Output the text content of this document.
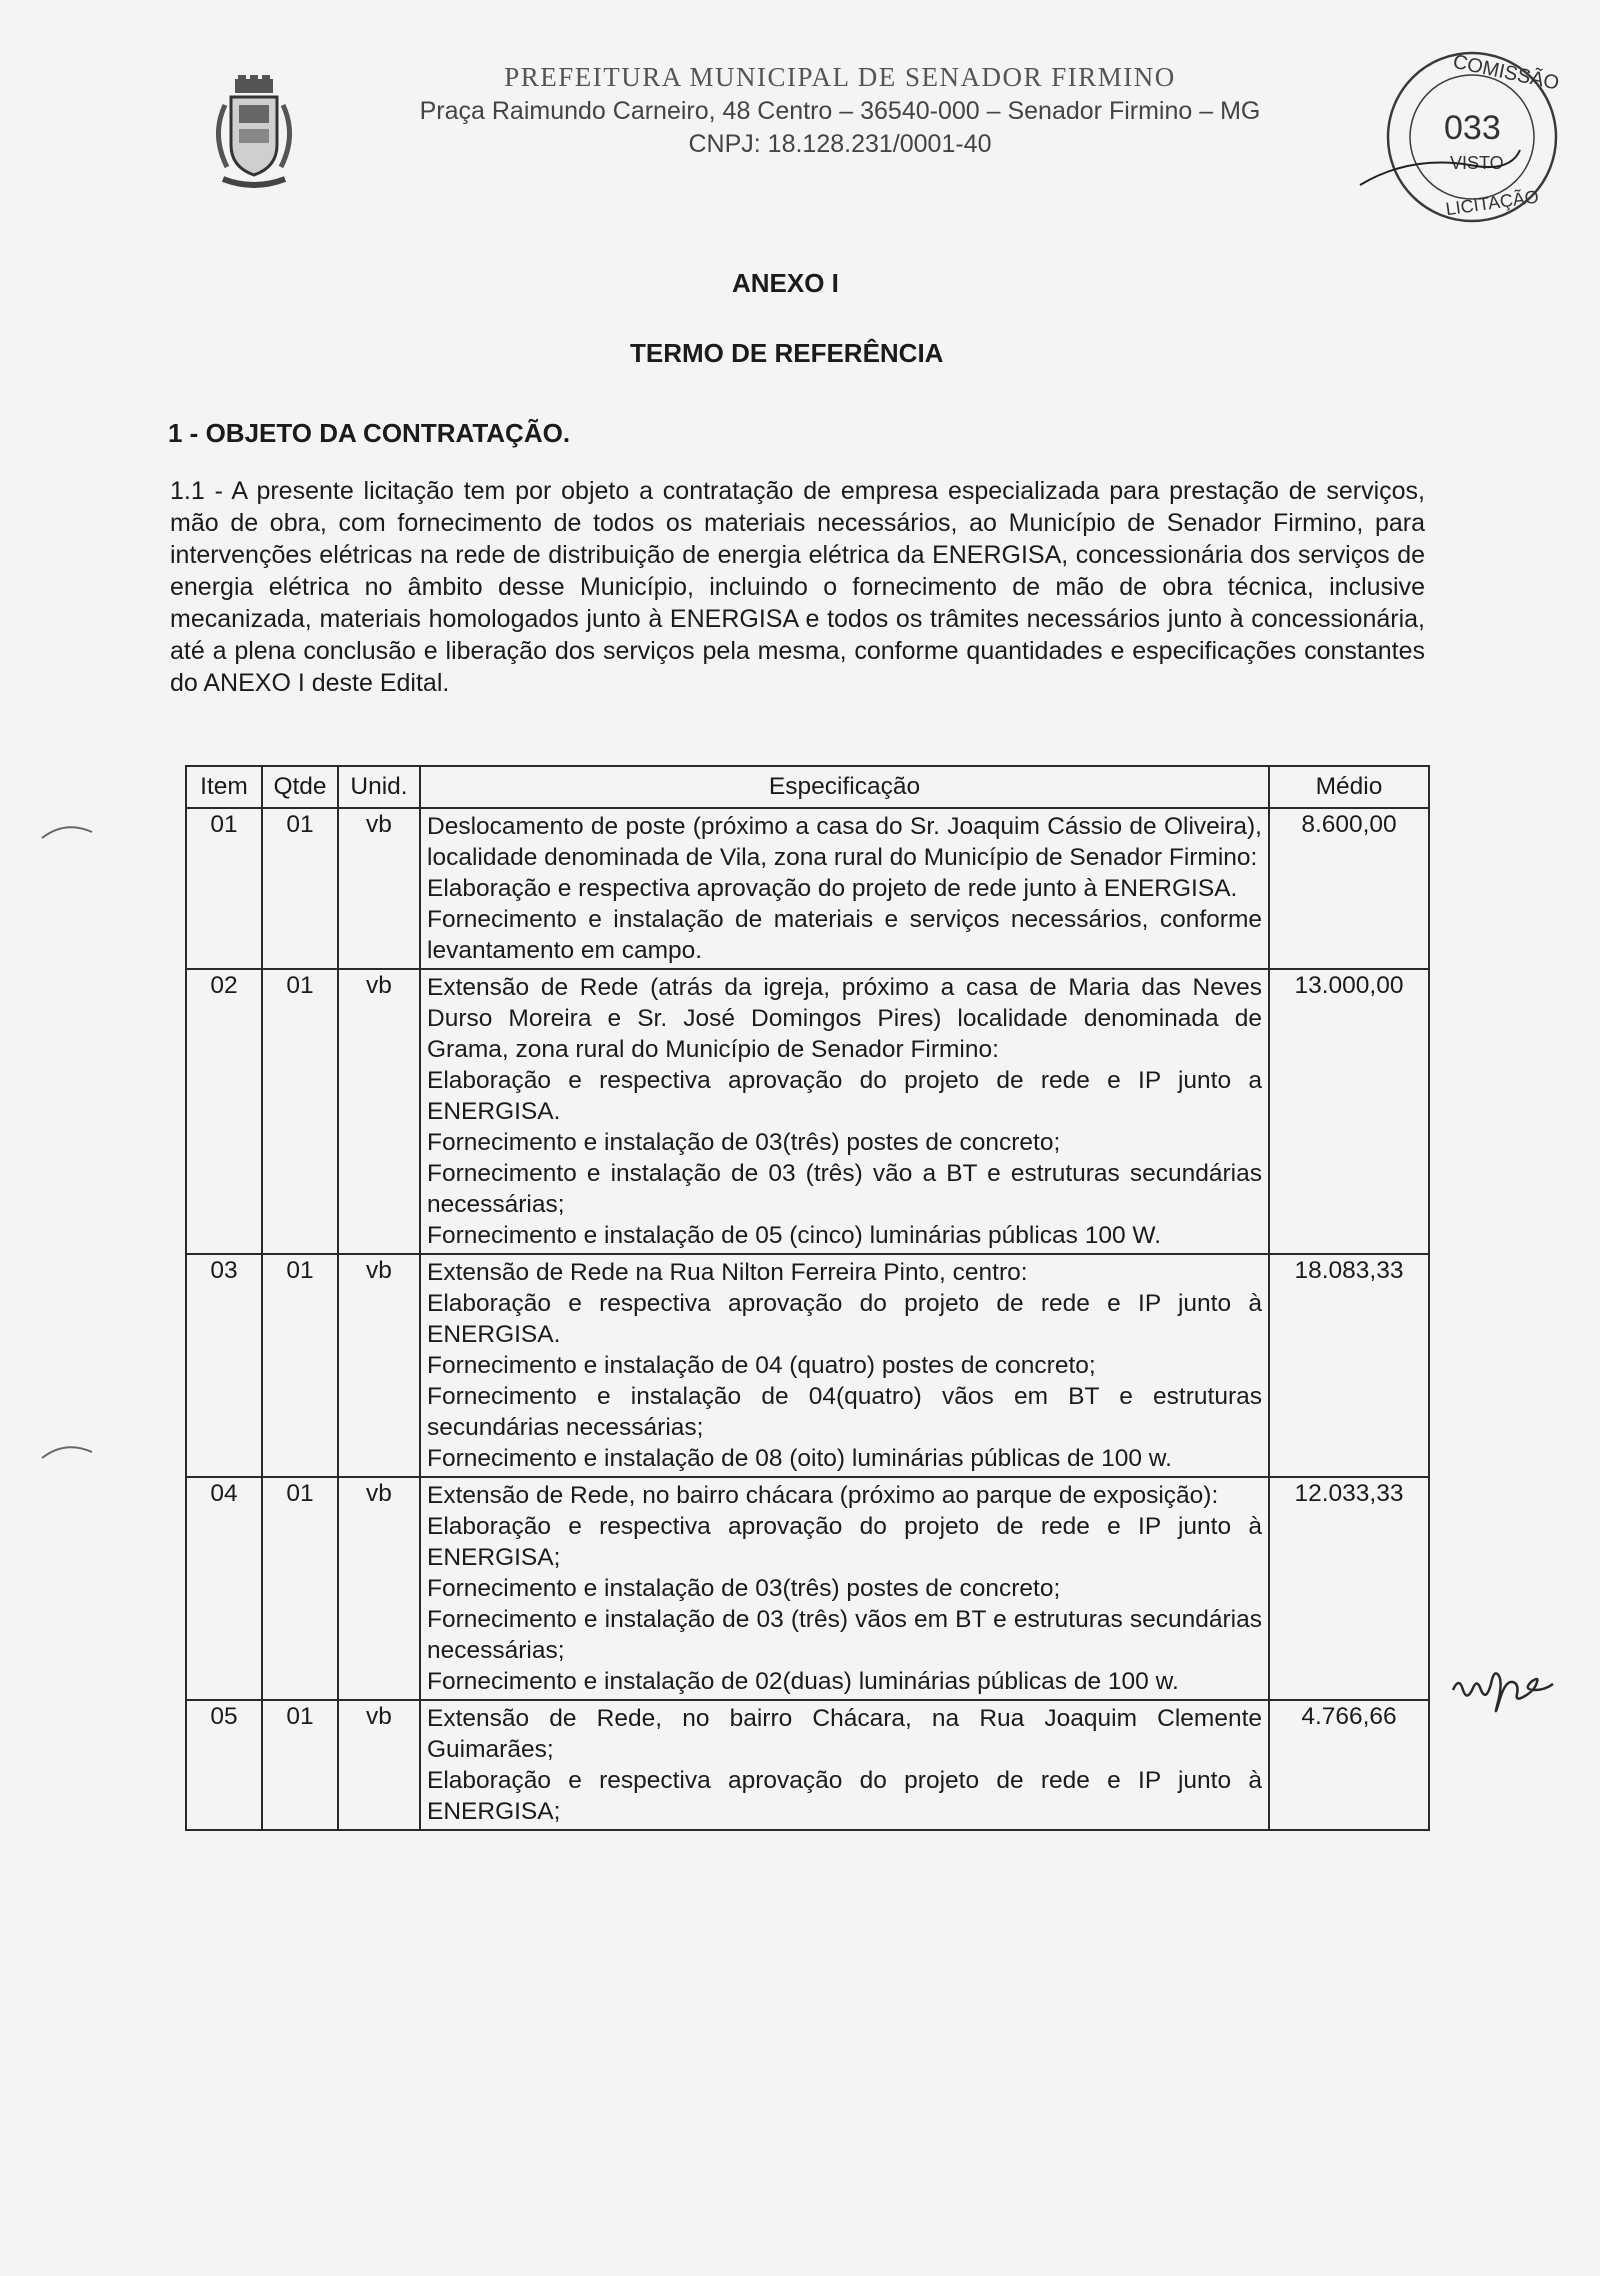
PREFEITURA MUNICIPAL DE SENADOR FIRMINO
Praça Raimundo Carneiro, 48 Centro – 36540-000 – Senador Firmino – MG
CNPJ: 18.128.231/0001-40
COMISSÃO
033
VISTO
LICITAÇÃO
ANEXO I
TERMO DE REFERÊNCIA
1 - OBJETO DA CONTRATAÇÃO.
1.1 - A presente licitação tem por objeto a contratação de empresa especializada para prestação de serviços, mão de obra, com fornecimento de todos os materiais necessários, ao Município de Senador Firmino, para intervenções elétricas na rede de distribuição de energia elétrica da ENERGISA, concessionária dos serviços de energia elétrica no âmbito desse Município, incluindo o fornecimento de mão de obra técnica, inclusive mecanizada, materiais homologados junto à ENERGISA e todos os trâmites necessários junto à concessionária, até a plena conclusão e liberação dos serviços pela mesma, conforme quantidades e especificações constantes do ANEXO I deste Edital.
Item	Qtde	Unid.	Especificação	Médio
01	01	vb	Deslocamento de poste (próximo a casa do Sr. Joaquim Cássio de Oliveira), localidade denominada de Vila, zona rural do Município de Senador Firmino:
Elaboração e respectiva aprovação do projeto de rede junto à ENERGISA.
Fornecimento e instalação de materiais e serviços necessários, conforme levantamento em campo.	8.600,00
02	01	vb	Extensão de Rede (atrás da igreja, próximo a casa de Maria das Neves Durso Moreira e Sr. José Domingos Pires) localidade denominada de Grama, zona rural do Município de Senador Firmino:
Elaboração e respectiva aprovação do projeto de rede e IP junto a ENERGISA.
Fornecimento e instalação de 03(três) postes de concreto;
Fornecimento e instalação de 03 (três) vão a BT e estruturas secundárias necessárias;
Fornecimento e instalação de 05 (cinco) luminárias públicas 100 W.	13.000,00
03	01	vb	Extensão de Rede na Rua Nilton Ferreira Pinto, centro:
Elaboração e respectiva aprovação do projeto de rede e IP junto à ENERGISA.
Fornecimento e instalação de 04 (quatro) postes de concreto;
Fornecimento e instalação de 04(quatro) vãos em BT e estruturas secundárias necessárias;
Fornecimento e instalação de 08 (oito) luminárias públicas de 100 w.	18.083,33
04	01	vb	Extensão de Rede, no bairro chácara (próximo ao parque de exposição):
Elaboração e respectiva aprovação do projeto de rede e IP junto à ENERGISA;
Fornecimento e instalação de 03(três) postes de concreto;
Fornecimento e instalação de 03 (três) vãos em BT e estruturas secundárias necessárias;
Fornecimento e instalação de 02(duas) luminárias públicas de 100 w.	12.033,33
05	01	vb	Extensão de Rede, no bairro Chácara, na Rua Joaquim Clemente Guimarães;
Elaboração e respectiva aprovação do projeto de rede e IP junto à ENERGISA;	4.766,66
